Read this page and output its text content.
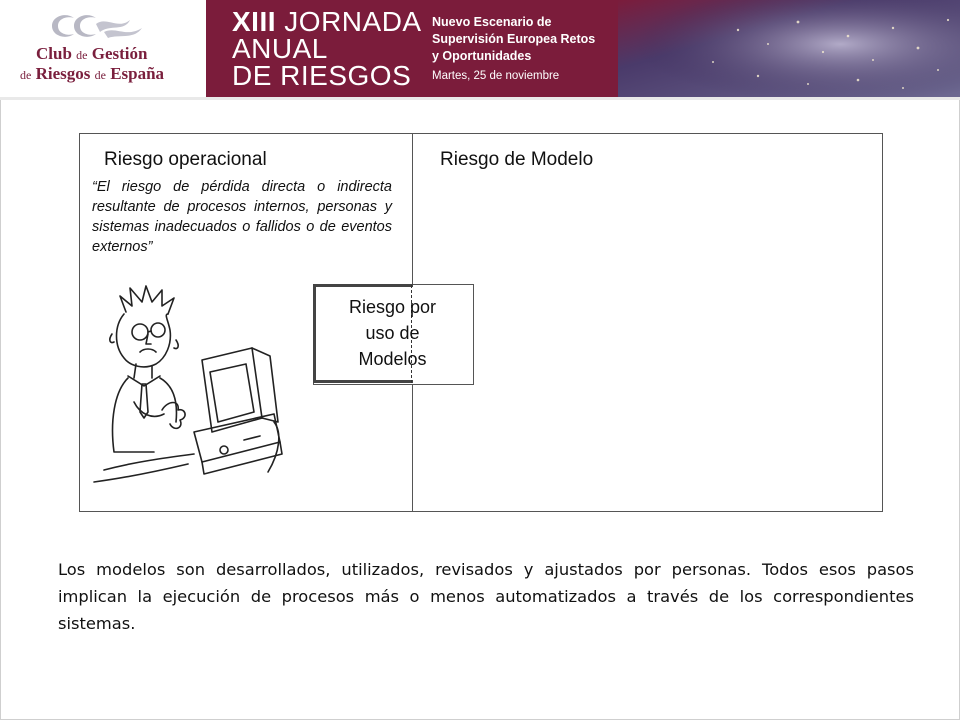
Club de Gestión
de Riesgos de España
XIII JORNADA
ANUAL
DE RIESGOS
Nuevo Escenario de
Supervisión Europea Retos
y Oportunidades
Martes, 25 de noviembre
Riesgo operacional	Riesgo de Modelo
“El riesgo de pérdida directa o indirecta resultante de procesos internos, personas y sistemas inadecuados o fallidos o de eventos externos”
Riesgo por
uso de
Modelos
Los modelos son desarrollados, utilizados, revisados y ajustados por personas. Todos esos pasos implican la ejecución de procesos más o menos automatizados a través de los correspondientes sistemas.
